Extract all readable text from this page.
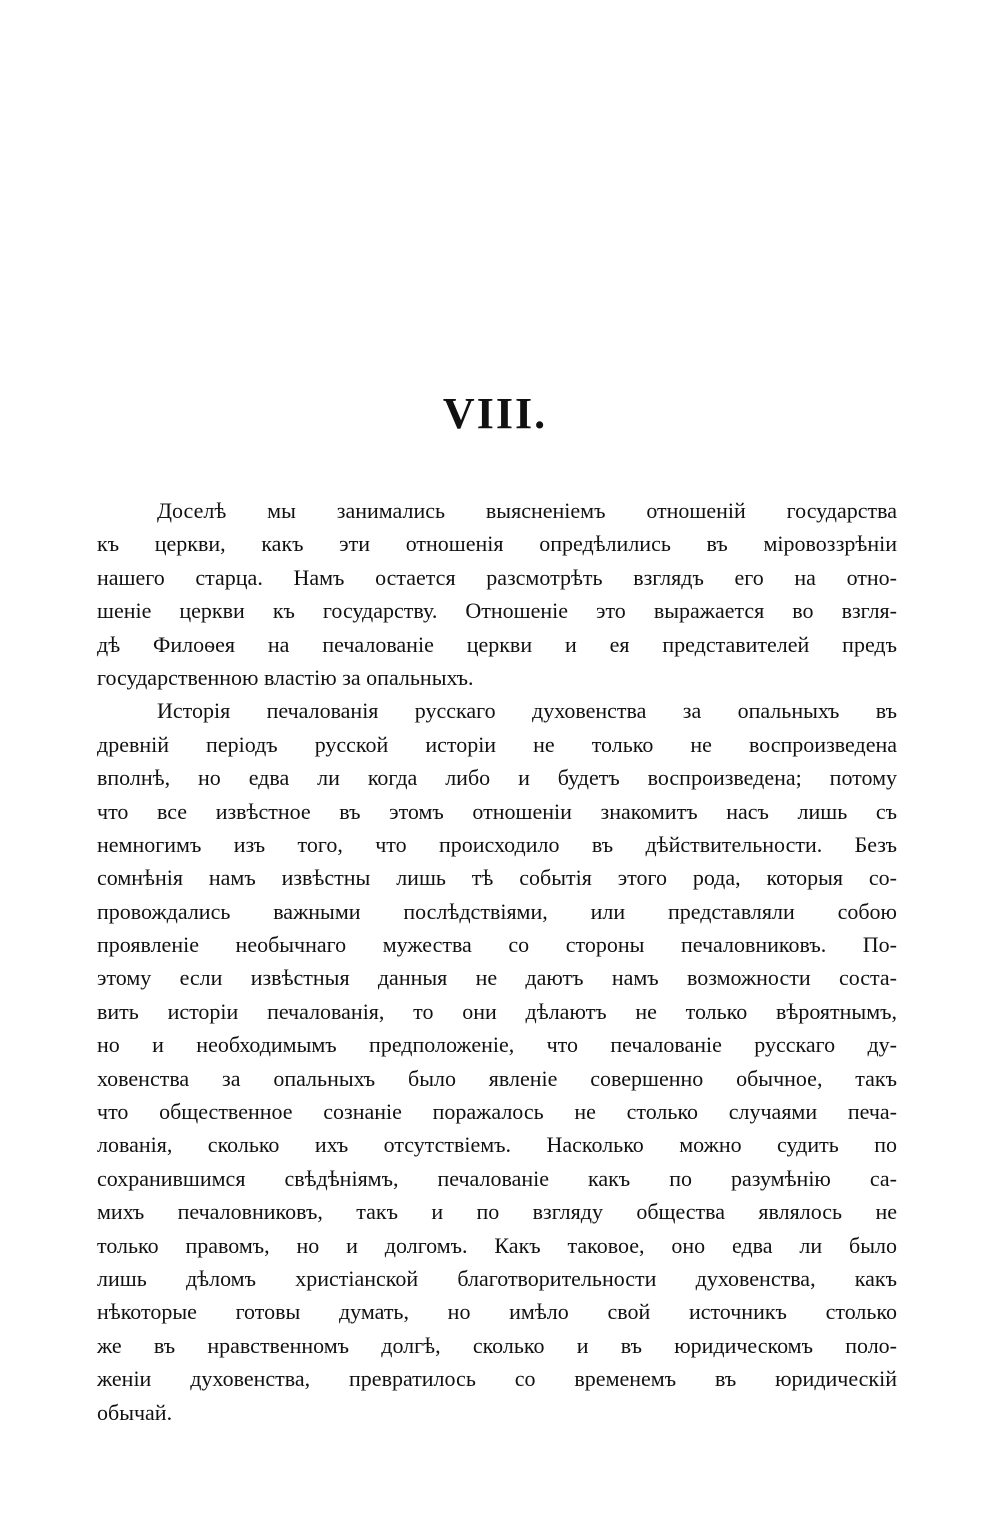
VIII.
Доселѣ мы занимались выясненіемъ отношеній государства
къ церкви, какъ эти отношенія опредѣлились въ міровоззрѣніи
нашего старца. Намъ остается разсмотрѣть взглядъ его на отно-
шеніе церкви къ государству. Отношеніе это выражается во взгля-
дѣ Филоѳея на печалованіе церкви и ея представителей предъ
государственною властію за опальныхъ.
Исторія печалованія русскаго духовенства за опальныхъ въ
древній періодъ русской исторіи не только не воспроизведена
вполнѣ, но едва ли когда либо и будетъ воспроизведена; потому
что все извѣстное въ этомъ отношеніи знакомитъ насъ лишь съ
немногимъ изъ того, что происходило въ дѣйствительности. Безъ
сомнѣнія намъ извѣстны лишь тѣ событія этого рода, которыя со-
провождались важными послѣдствіями, или представляли собою
проявленіе необычнаго мужества со стороны печаловниковъ. По-
этому если извѣстныя данныя не даютъ намъ возможности соста-
вить исторіи печалованія, то они дѣлаютъ не только вѣроятнымъ,
но и необходимымъ предположеніе, что печалованіе русскаго ду-
ховенства за опальныхъ было явленіе совершенно обычное, такъ
что общественное сознаніе поражалось не столько случаями печа-
лованія, сколько ихъ отсутствіемъ. Насколько можно судить по
сохранившимся свѣдѣніямъ, печалованіе какъ по разумѣнію са-
михъ печаловниковъ, такъ и по взгляду общества являлось не
только правомъ, но и долгомъ. Какъ таковое, оно едва ли было
лишь дѣломъ христіанской благотворительности духовенства, какъ
нѣкоторые готовы думать, но имѣло свой источникъ столько
же въ нравственномъ долгѣ, сколько и въ юридическомъ поло-
женіи духовенства, превратилось со временемъ въ юридическій
обычай.
